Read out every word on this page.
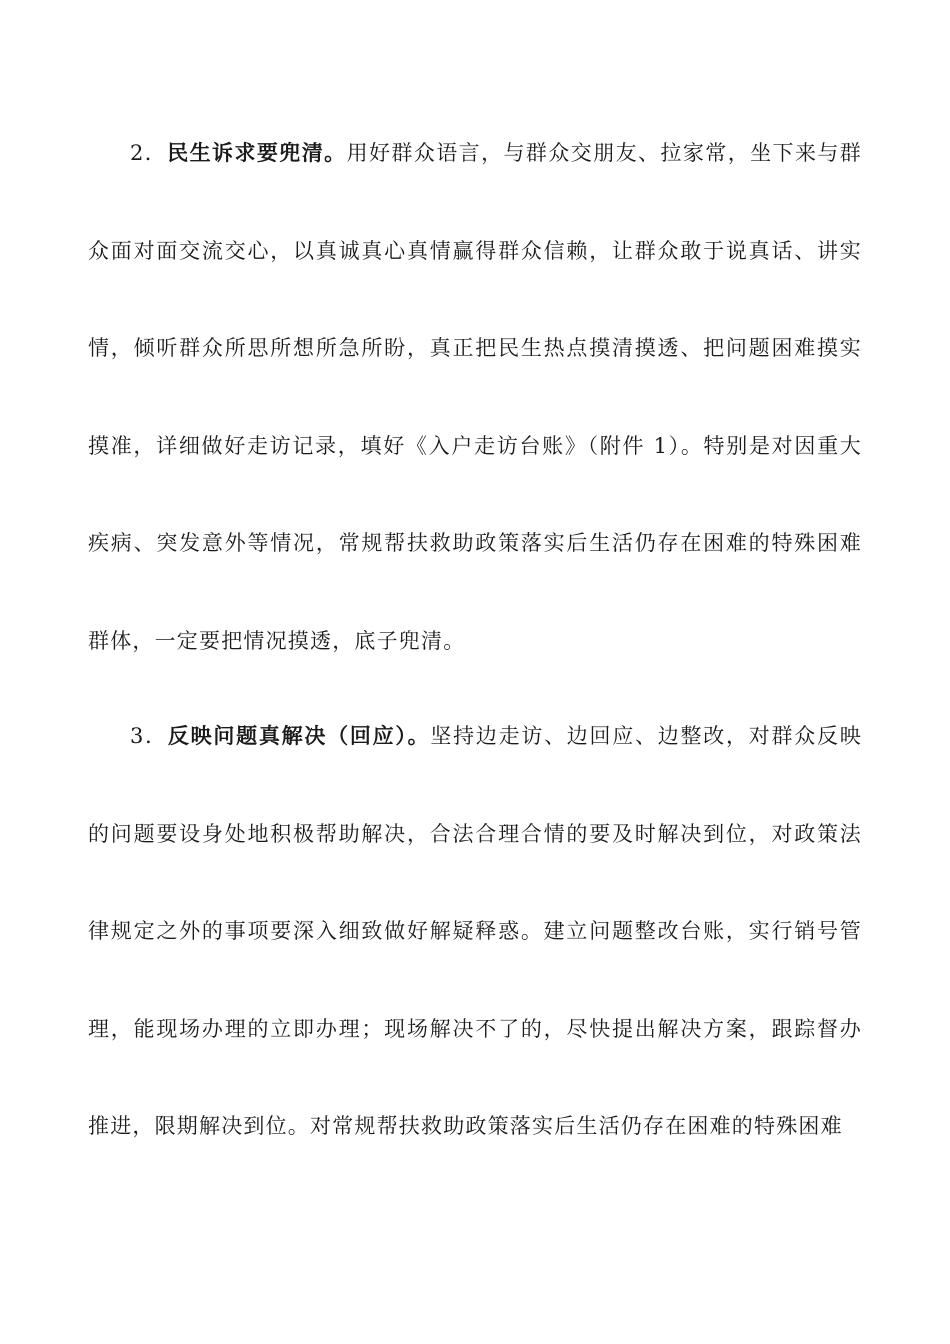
2．民生诉求要兜清。用好群众语言，与群众交朋友、拉家常，坐下来与群众面对面交流交心，以真诚真心真情赢得群众信赖，让群众敢于说真话、讲实情，倾听群众所思所想所急所盼，真正把民生热点摸清摸透、把问题困难摸实摸准，详细做好走访记录，填好《入户走访台账》（附件 1）。特别是对因重大疾病、突发意外等情况，常规帮扶救助政策落实后生活仍存在困难的特殊困难群体，一定要把情况摸透，底子兜清。

3．反映问题真解决（回应）。坚持边走访、边回应、边整改，对群众反映的问题要设身处地积极帮助解决，合法合理合情的要及时解决到位，对政策法律规定之外的事项要深入细致做好解疑释惑。建立问题整改台账，实行销号管理，能现场办理的立即办理；现场解决不了的，尽快提出解决方案，跟踪督办推进，限期解决到位。对常规帮扶救助政策落实后生活仍存在困难的特殊困难
